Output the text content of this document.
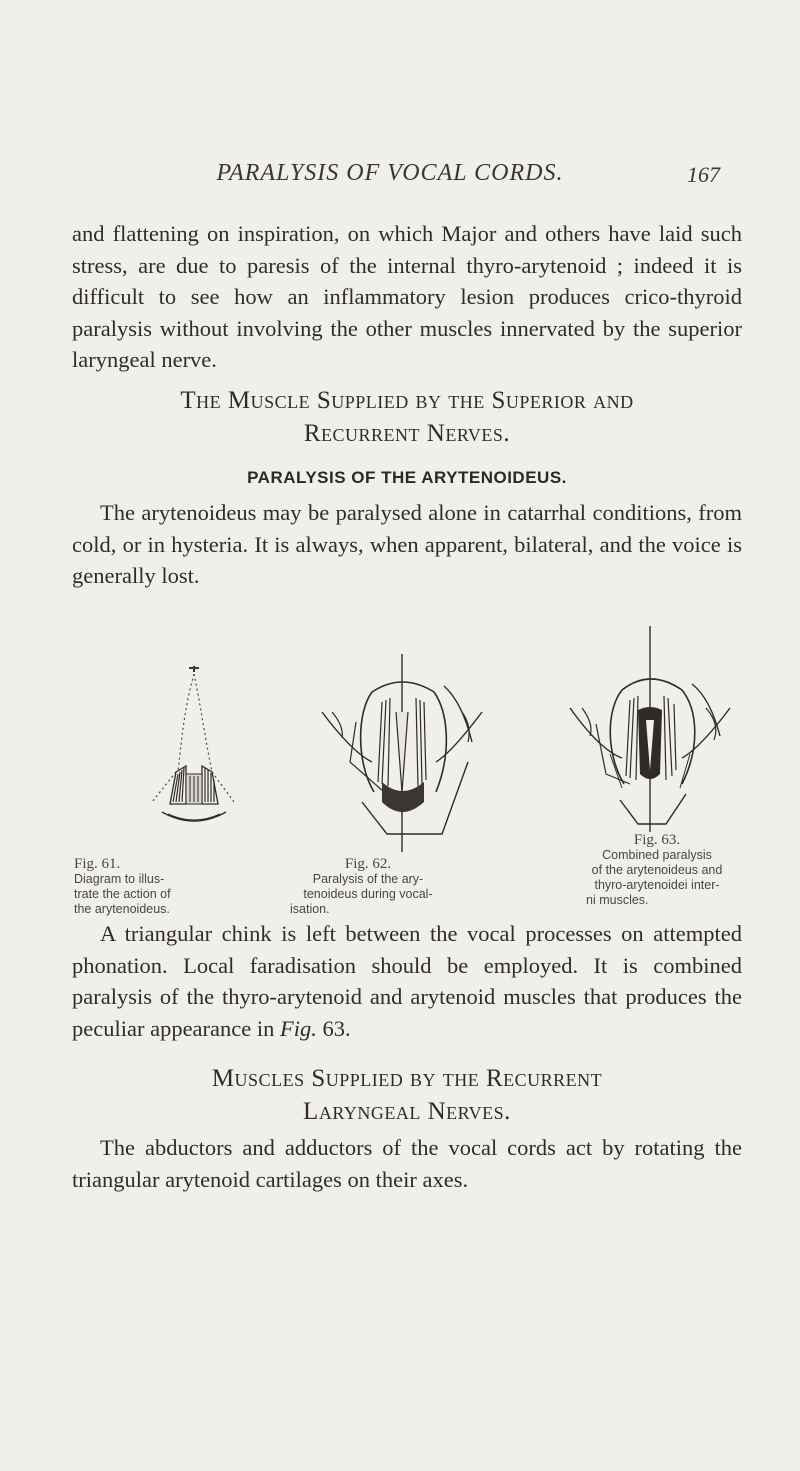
PARALYSIS OF VOCAL CORDS.	167

and flattening on inspiration, on which Major and others have laid such stress, are due to paresis of the internal thyro-arytenoid ; indeed it is difficult to see how an inflammatory lesion produces crico-thyroid paralysis without involving the other muscles innervated by the superior laryngeal nerve.

The Muscle Supplied by the Superior and
Recurrent Nerves.
PARALYSIS OF THE ARYTENOIDEUS.

The arytenoideus may be paralysed alone in catarrhal conditions, from cold, or in hysteria. It is always, when apparent, bilateral, and the voice is generally lost.

Fig. 61.
Diagram to illus-
trate the action of
the arytenoideus.
Fig. 62.
Paralysis of the ary-
tenoideus during vocal-
isation.
Fig. 63.
Combined paralysis
of the arytenoideus and
thyro-arytenoidei inter-
ni muscles.

A triangular chink is left between the vocal processes on attempted phonation. Local faradisation should be employed. It is combined paralysis of the thyro-arytenoid and arytenoid muscles that produces the peculiar appearance in Fig. 63.

Muscles Supplied by the Recurrent
Laryngeal Nerves.

The abductors and adductors of the vocal cords act by rotating the triangular arytenoid cartilages on their axes.
